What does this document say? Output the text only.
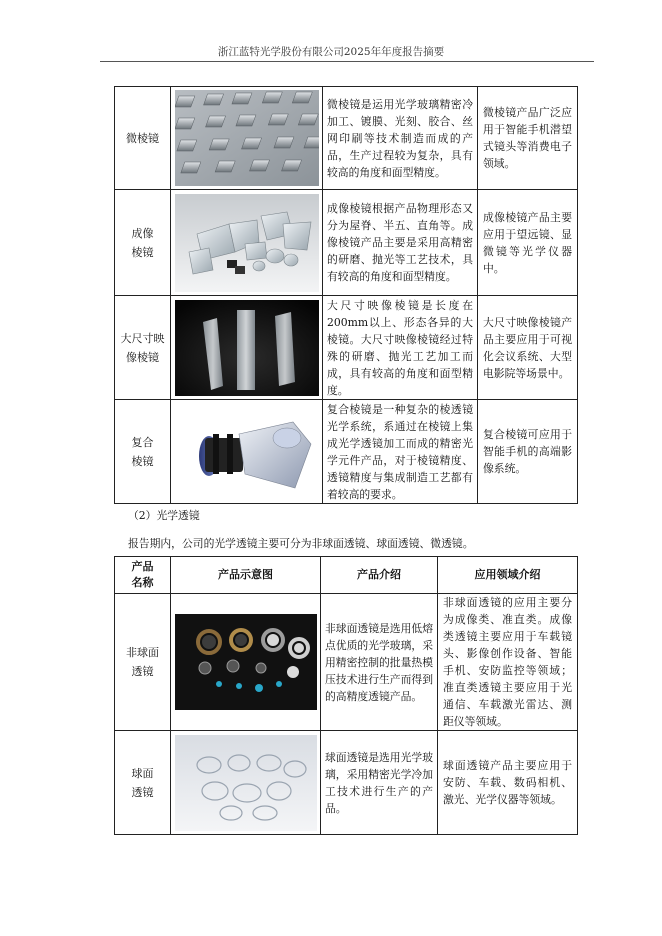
浙江蓝特光学股份有限公司2025年年度报告摘要
微棱镜		微棱镜是运用光学玻璃精密冷加工、镀膜、光刻、胶合、丝网印刷等技术制造而成的产品，生产过程较为复杂，具有较高的角度和面型精度。	微棱镜产品广泛应用于智能手机潜望式镜头等消费电子领域。

成像棱镜		成像棱镜根据产品物理形态又分为屋脊、半五、直角等。成像棱镜产品主要是采用高精密的研磨、抛光等工艺技术，具有较高的角度和面型精度。	成像棱镜产品主要应用于望远镜、显微镜等光学仪器中。

大尺寸映像棱镜		大尺寸映像棱镜是长度在200mm以上、形态各异的大棱镜。大尺寸映像棱镜经过特殊的研磨、抛光工艺加工而成，具有较高的角度和面型精度。	大尺寸映像棱镜产品主要应用于可视化会议系统、大型电影院等场景中。

复合棱镜		复合棱镜是一种复杂的棱透镜光学系统，系通过在棱镜上集成光学透镜加工而成的精密光学元件产品，对于棱镜精度、透镜精度与集成制造工艺都有着较高的要求。	复合棱镜可应用于智能手机的高端影像系统。
（2）光学透镜
报告期内，公司的光学透镜主要可分为非球面透镜、球面透镜、微透镜。
产品名称	产品示意图	产品介绍	应用领域介绍

非球面透镜		非球面透镜是选用低熔点优质的光学玻璃，采用精密控制的批量热模压技术进行生产而得到的高精度透镜产品。	非球面透镜的应用主要分为成像类、准直类。成像类透镜主要应用于车载镜头、影像创作设备、智能手机、安防监控等领域；准直类透镜主要应用于光通信、车载激光雷达、测距仪等领域。

球面透镜		球面透镜是选用光学玻璃，采用精密光学冷加工技术进行生产的产品。	球面透镜产品主要应用于安防、车载、数码相机、激光、光学仪器等领域。
